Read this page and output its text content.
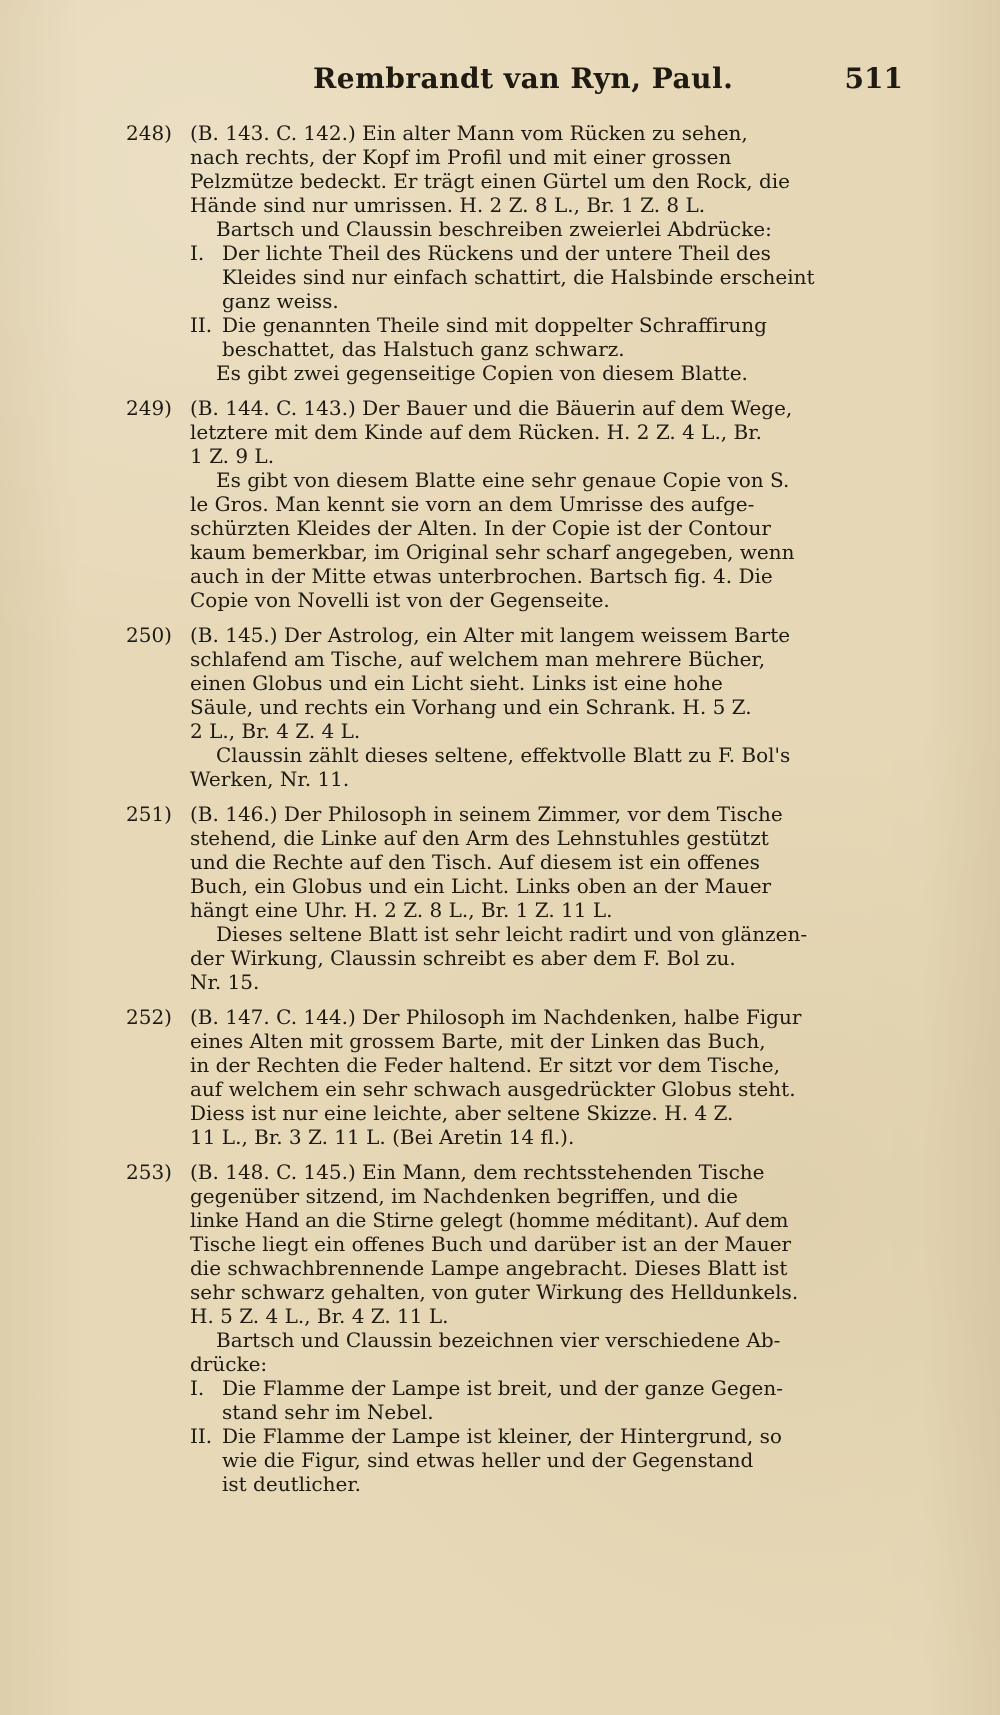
Rembrandt van Ryn, Paul.	511
248) (B. 143. C. 142.) Ein alter Mann vom Rücken zu sehen,
nach rechts, der Kopf im Profil und mit einer grossen
Pelzmütze bedeckt. Er trägt einen Gürtel um den Rock, die
Hände sind nur umrissen. H. 2 Z. 8 L., Br. 1 Z. 8 L.
Bartsch und Claussin beschreiben zweierlei Abdrücke:
I. Der lichte Theil des Rückens und der untere Theil des
Kleides sind nur einfach schattirt, die Halsbinde erscheint
ganz weiss.
II. Die genannten Theile sind mit doppelter Schraffirung
beschattet, das Halstuch ganz schwarz.
Es gibt zwei gegenseitige Copien von diesem Blatte.
249) (B. 144. C. 143.) Der Bauer und die Bäuerin auf dem Wege,
letztere mit dem Kinde auf dem Rücken. H. 2 Z. 4 L., Br.
1 Z. 9 L.
Es gibt von diesem Blatte eine sehr genaue Copie von S.
le Gros. Man kennt sie vorn an dem Umrisse des aufge-
schürzten Kleides der Alten. In der Copie ist der Contour
kaum bemerkbar, im Original sehr scharf angegeben, wenn
auch in der Mitte etwas unterbrochen. Bartsch fig. 4. Die
Copie von Novelli ist von der Gegenseite.
250) (B. 145.) Der Astrolog, ein Alter mit langem weissem Barte
schlafend am Tische, auf welchem man mehrere Bücher,
einen Globus und ein Licht sieht. Links ist eine hohe
Säule, und rechts ein Vorhang und ein Schrank. H. 5 Z.
2 L., Br. 4 Z. 4 L.
Claussin zählt dieses seltene, effektvolle Blatt zu F. Bol's
Werken, Nr. 11.
251) (B. 146.) Der Philosoph in seinem Zimmer, vor dem Tische
stehend, die Linke auf den Arm des Lehnstuhles gestützt
und die Rechte auf den Tisch. Auf diesem ist ein offenes
Buch, ein Globus und ein Licht. Links oben an der Mauer
hängt eine Uhr. H. 2 Z. 8 L., Br. 1 Z. 11 L.
Dieses seltene Blatt ist sehr leicht radirt und von glänzen-
der Wirkung, Claussin schreibt es aber dem F. Bol zu.
Nr. 15.
252) (B. 147. C. 144.) Der Philosoph im Nachdenken, halbe Figur
eines Alten mit grossem Barte, mit der Linken das Buch,
in der Rechten die Feder haltend. Er sitzt vor dem Tische,
auf welchem ein sehr schwach ausgedrückter Globus steht.
Diess ist nur eine leichte, aber seltene Skizze. H. 4 Z.
11 L., Br. 3 Z. 11 L. (Bei Aretin 14 fl.).
253) (B. 148. C. 145.) Ein Mann, dem rechtsstehenden Tische
gegenüber sitzend, im Nachdenken begriffen, und die
linke Hand an die Stirne gelegt (homme méditant). Auf dem
Tische liegt ein offenes Buch und darüber ist an der Mauer
die schwachbrennende Lampe angebracht. Dieses Blatt ist
sehr schwarz gehalten, von guter Wirkung des Helldunkels.
H. 5 Z. 4 L., Br. 4 Z. 11 L.
Bartsch und Claussin bezeichnen vier verschiedene Ab-
drücke:
I. Die Flamme der Lampe ist breit, und der ganze Gegen-
stand sehr im Nebel.
II. Die Flamme der Lampe ist kleiner, der Hintergrund, so
wie die Figur, sind etwas heller und der Gegenstand
ist deutlicher.
